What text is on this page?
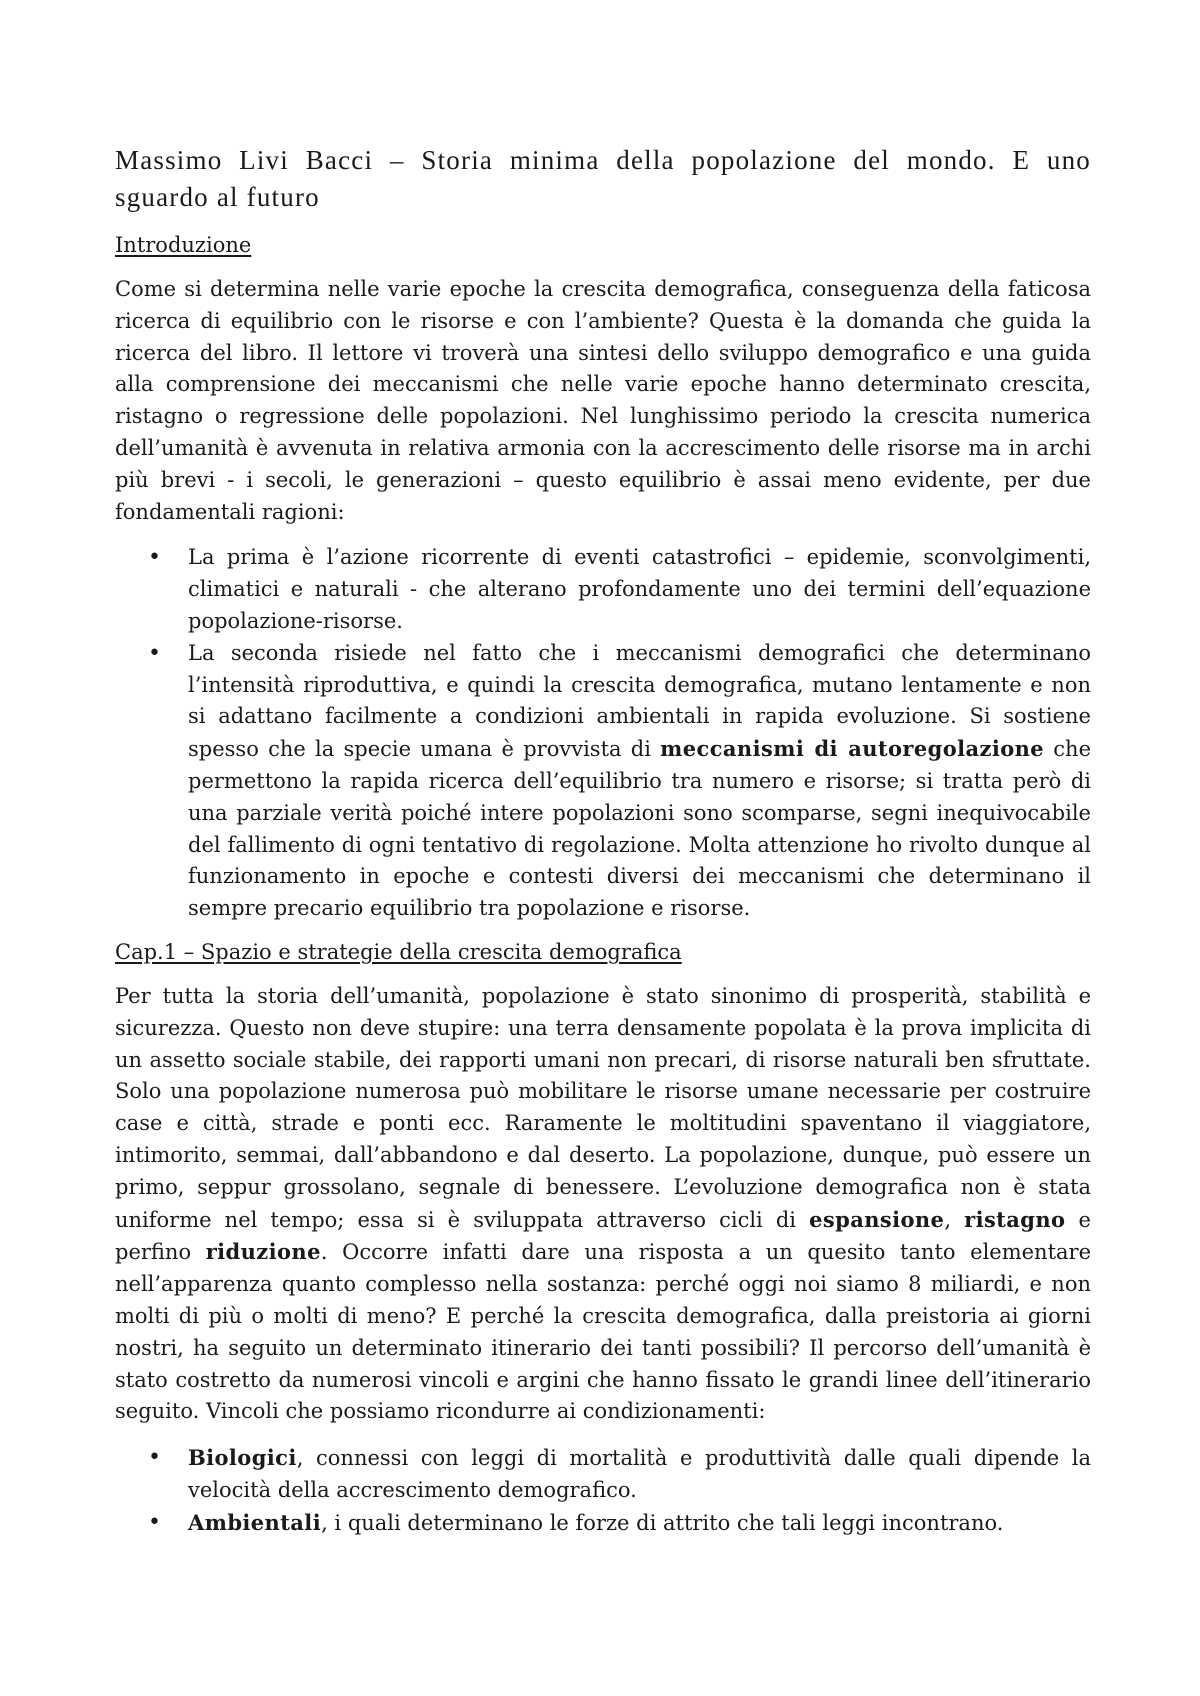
Massimo Livi Bacci – Storia minima della popolazione del mondo. E uno sguardo al futuro
Introduzione

Come si determina nelle varie epoche la crescita demografica, conseguenza della faticosa ricerca di equilibrio con le risorse e con l’ambiente? Questa è la domanda che guida la ricerca del libro. Il lettore vi troverà una sintesi dello sviluppo demografico e una guida alla comprensione dei meccanismi che nelle varie epoche hanno determinato crescita, ristagno o regressione delle popolazioni. Nel lunghissimo periodo la crescita numerica dell’umanità è avvenuta in relativa armonia con la accrescimento delle risorse ma in archi più brevi - i secoli, le generazioni – questo equilibrio è assai meno evidente, per due fondamentali ragioni:

• La prima è l’azione ricorrente di eventi catastrofici – epidemie, sconvolgimenti, climatici e naturali - che alterano profondamente uno dei termini dell’equazione popolazione-risorse.
• La seconda risiede nel fatto che i meccanismi demografici che determinano l’intensità riproduttiva, e quindi la crescita demografica, mutano lentamente e non si adattano facilmente a condizioni ambientali in rapida evoluzione. Si sostiene spesso che la specie umana è provvista di meccanismi di autoregolazione che permettono la rapida ricerca dell’equilibrio tra numero e risorse; si tratta però di una parziale verità poiché intere popolazioni sono scomparse, segni inequivocabile del fallimento di ogni tentativo di regolazione. Molta attenzione ho rivolto dunque al funzionamento in epoche e contesti diversi dei meccanismi che determinano il sempre precario equilibrio tra popolazione e risorse.
Cap.1 – Spazio e strategie della crescita demografica

Per tutta la storia dell’umanità, popolazione è stato sinonimo di prosperità, stabilità e sicurezza. Questo non deve stupire: una terra densamente popolata è la prova implicita di un assetto sociale stabile, dei rapporti umani non precari, di risorse naturali ben sfruttate. Solo una popolazione numerosa può mobilitare le risorse umane necessarie per costruire case e città, strade e ponti ecc. Raramente le moltitudini spaventano il viaggiatore, intimorito, semmai, dall’abbandono e dal deserto. La popolazione, dunque, può essere un primo, seppur grossolano, segnale di benessere. L’evoluzione demografica non è stata uniforme nel tempo; essa si è sviluppata attraverso cicli di espansione, ristagno e perfino riduzione. Occorre infatti dare una risposta a un quesito tanto elementare nell’apparenza quanto complesso nella sostanza: perché oggi noi siamo 8 miliardi, e non molti di più o molti di meno? E perché la crescita demografica, dalla preistoria ai giorni nostri, ha seguito un determinato itinerario dei tanti possibili? Il percorso dell’umanità è stato costretto da numerosi vincoli e argini che hanno fissato le grandi linee dell’itinerario seguito. Vincoli che possiamo ricondurre ai condizionamenti:

• Biologici, connessi con leggi di mortalità e produttività dalle quali dipende la velocità della accrescimento demografico.
• Ambientali, i quali determinano le forze di attrito che tali leggi incontrano.
